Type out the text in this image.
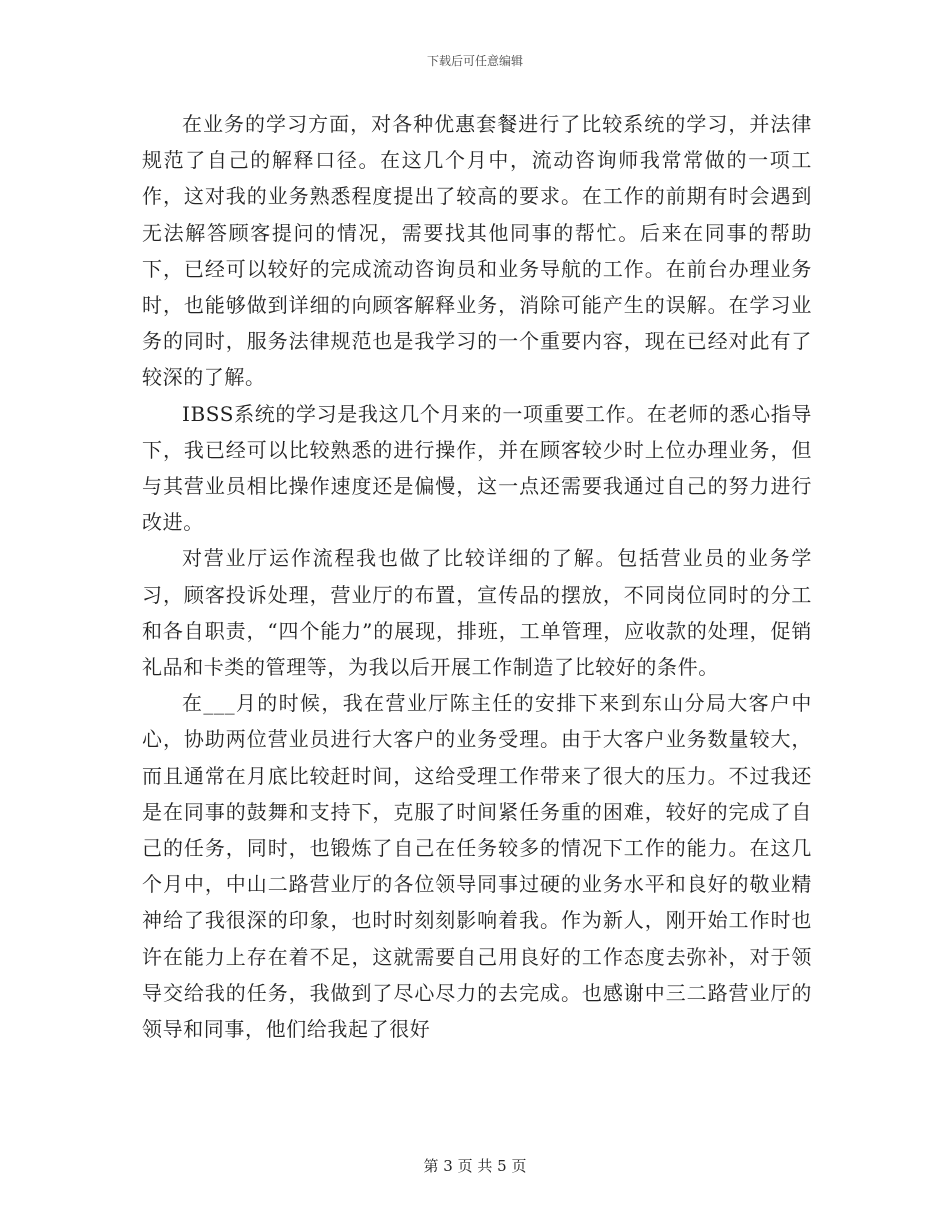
下载后可任意编辑

在业务的学习方面，对各种优惠套餐进行了比较系统的学习，并法律规范了自己的解释口径。在这几个月中，流动咨询师我常常做的一项工作，这对我的业务熟悉程度提出了较高的要求。在工作的前期有时会遇到无法解答顾客提问的情况，需要找其他同事的帮忙。后来在同事的帮助下，已经可以较好的完成流动咨询员和业务导航的工作。在前台办理业务时，也能够做到详细的向顾客解释业务，消除可能产生的误解。在学习业务的同时，服务法律规范也是我学习的一个重要内容，现在已经对此有了较深的了解。

IBSS系统的学习是我这几个月来的一项重要工作。在老师的悉心指导下，我已经可以比较熟悉的进行操作，并在顾客较少时上位办理业务，但与其营业员相比操作速度还是偏慢，这一点还需要我通过自己的努力进行改进。

对营业厅运作流程我也做了比较详细的了解。包括营业员的业务学习，顾客投诉处理，营业厅的布置，宣传品的摆放，不同岗位同时的分工和各自职责，“四个能力”的展现，排班，工单管理，应收款的处理，促销礼品和卡类的管理等，为我以后开展工作制造了比较好的条件。

在___月的时候，我在营业厅陈主任的安排下来到东山分局大客户中心，协助两位营业员进行大客户的业务受理。由于大客户业务数量较大，而且通常在月底比较赶时间，这给受理工作带来了很大的压力。不过我还是在同事的鼓舞和支持下，克服了时间紧任务重的困难，较好的完成了自己的任务，同时，也锻炼了自己在任务较多的情况下工作的能力。在这几个月中，中山二路营业厅的各位领导同事过硬的业务水平和良好的敬业精神给了我很深的印象，也时时刻刻影响着我。作为新人，刚开始工作时也许在能力上存在着不足，这就需要自己用良好的工作态度去弥补，对于领导交给我的任务，我做到了尽心尽力的去完成。也感谢中三二路营业厅的领导和同事，他们给我起了很好

第 3 页 共 5 页
